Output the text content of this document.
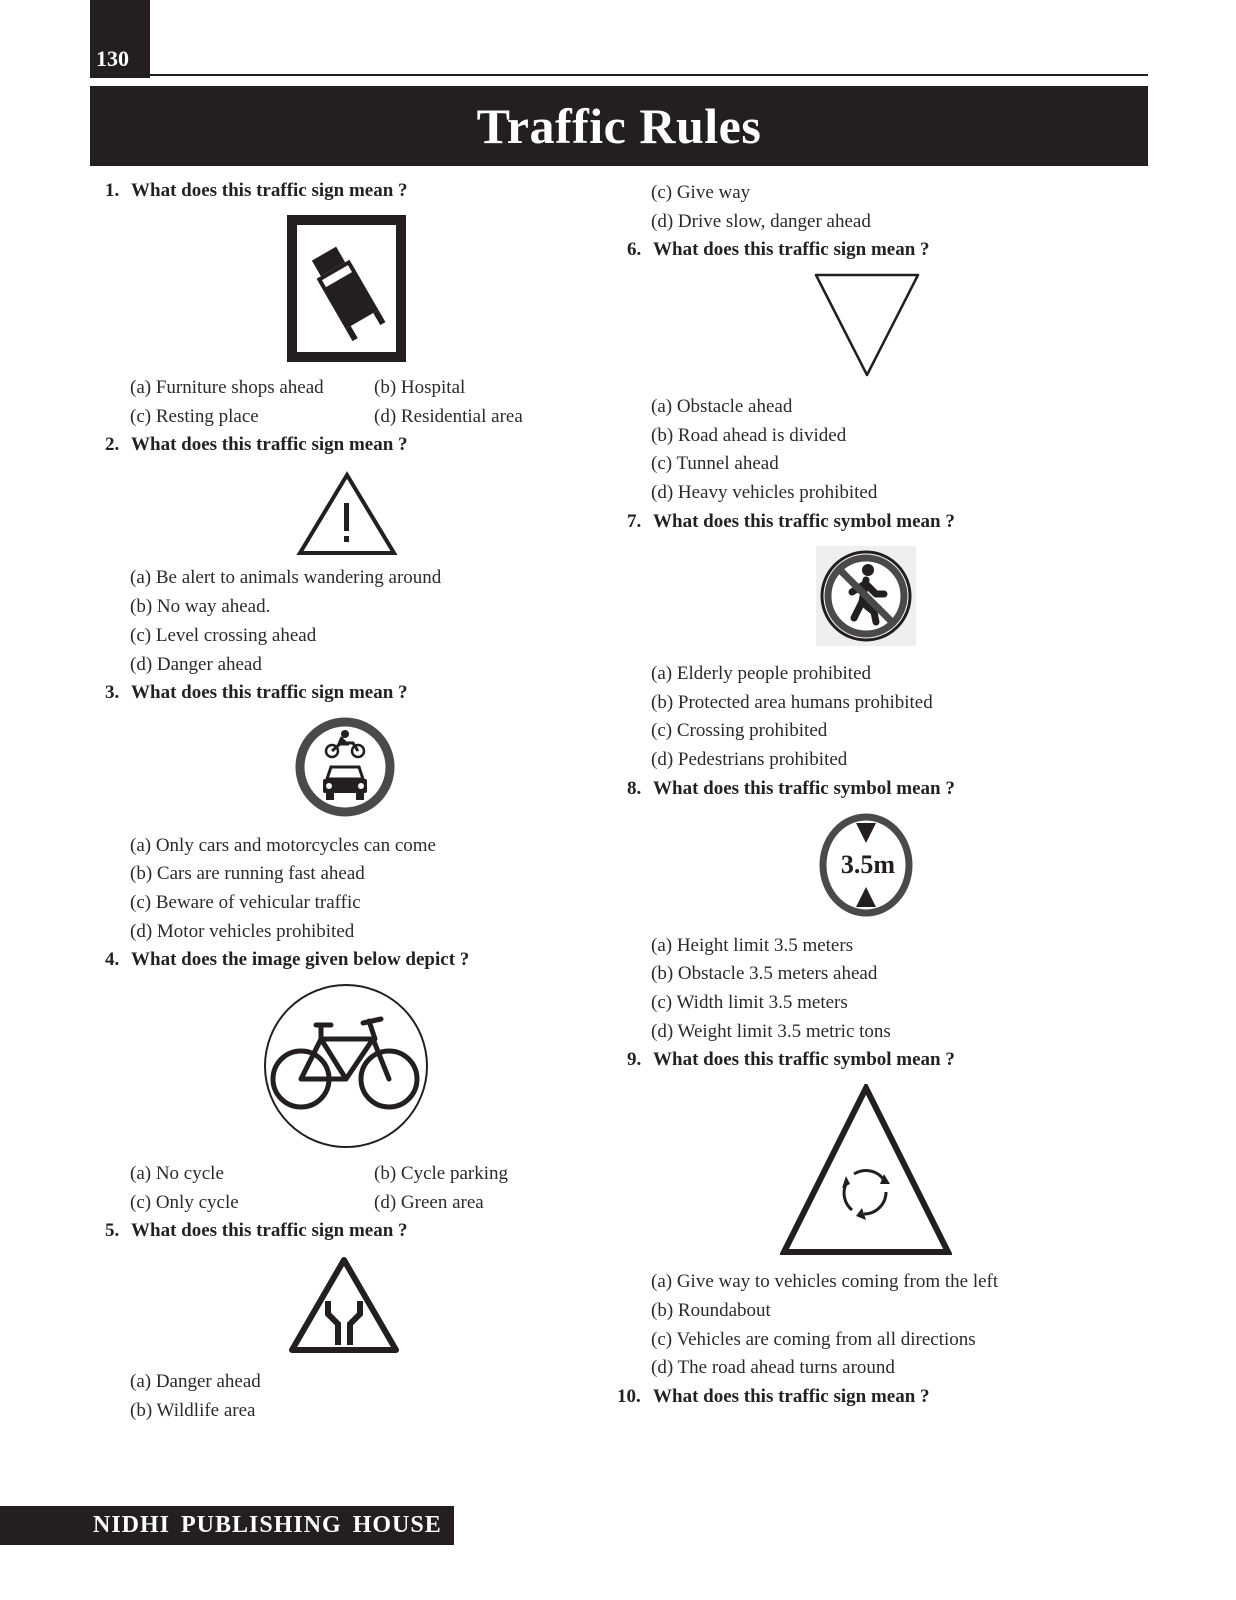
130
Traffic Rules
1. What does this traffic sign mean ?
(a) Furniture shops ahead	(b) Hospital
(c) Resting place	(d) Residential area
2. What does this traffic sign mean ?
(a) Be alert to animals wandering around
(b) No way ahead.
(c) Level crossing ahead
(d) Danger ahead
3. What does this traffic sign mean ?
(a) Only cars and motorcycles can come
(b) Cars are running fast ahead
(c) Beware of vehicular traffic
(d) Motor vehicles prohibited
4. What does the image given below depict ?
(a) No cycle	(b) Cycle parking
(c) Only cycle	(d) Green area
5. What does this traffic sign mean ?
(a) Danger ahead
(b) Wildlife area
(c) Give way
(d) Drive slow, danger ahead
6. What does this traffic sign mean ?
(a) Obstacle ahead
(b) Road ahead is divided
(c) Tunnel ahead
(d) Heavy vehicles prohibited
7. What does this traffic symbol mean ?
(a) Elderly people prohibited
(b) Protected area humans prohibited
(c) Crossing prohibited
(d) Pedestrians prohibited
8. What does this traffic symbol mean ?
3.5m
(a) Height limit 3.5 meters
(b) Obstacle 3.5 meters ahead
(c) Width limit 3.5 meters
(d) Weight limit 3.5 metric tons
9. What does this traffic symbol mean ?
(a) Give way to vehicles coming from the left
(b) Roundabout
(c) Vehicles are coming from all directions
(d) The road ahead turns around
10. What does this traffic sign mean ?
NIDHI PUBLISHING HOUSE
